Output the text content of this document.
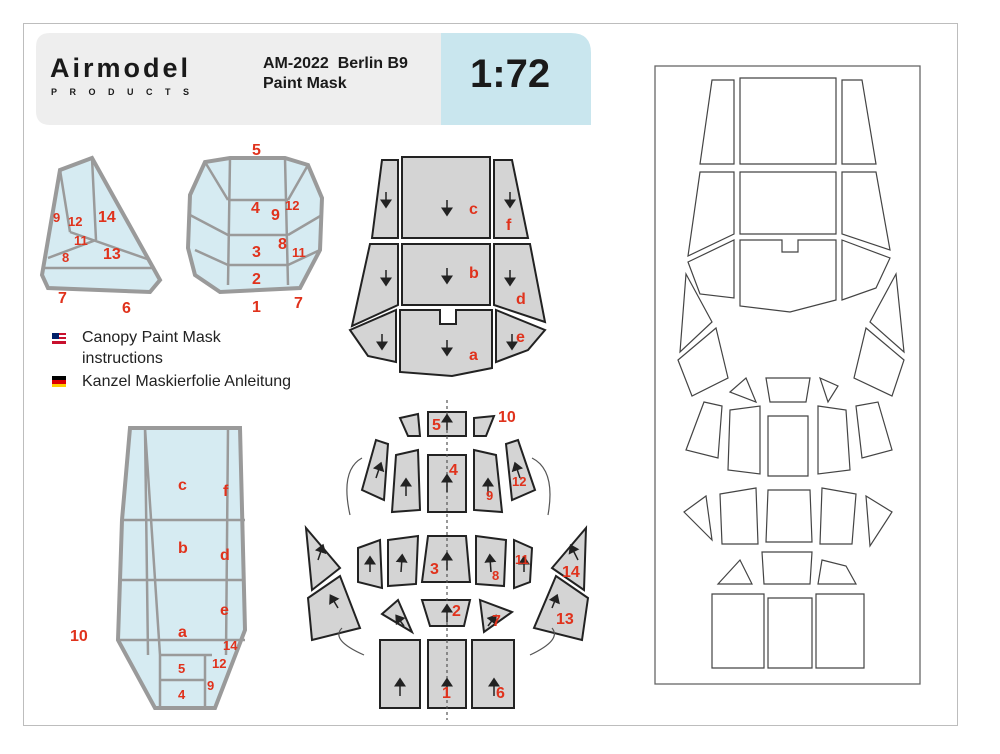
Airmodel
PRODUCTS
AM-2022 Berlin B9
Paint Mask	1:72
Canopy Paint Mask
instructions
Kanzel Maskierfolie Anleitung
9 12 14
11
8 13
7
6
5
4 9
12
3 8 11
2
1 7
c
f
b
d
a
e
c f
b d
10	a
e
14
12
5
9
4
5	10
4
9
12
3	8
11
14
2
7	13
1	6
